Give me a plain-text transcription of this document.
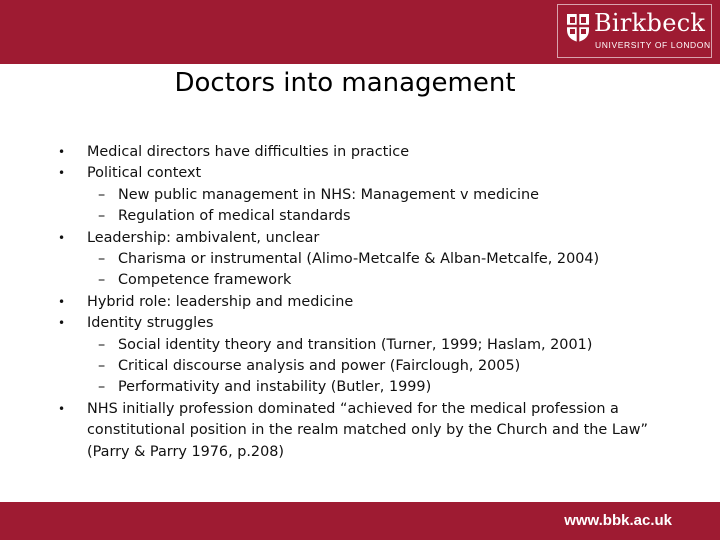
Birkbeck
UNIVERSITY OF LONDON
Doctors into management
• Medical directors have difficulties in practice
• Political context
– New public management in NHS: Management v medicine
– Regulation of medical standards
• Leadership: ambivalent, unclear
– Charisma or instrumental (Alimo-Metcalfe & Alban-Metcalfe, 2004)
– Competence framework
• Hybrid role: leadership and medicine
• Identity struggles
– Social identity theory and transition (Turner, 1999; Haslam, 2001)
– Critical discourse analysis and power (Fairclough, 2005)
– Performativity and instability (Butler, 1999)
• NHS initially profession dominated “achieved for the medical profession a constitutional position in the realm matched only by the Church and the Law” (Parry & Parry 1976, p.208)
www.bbk.ac.uk
